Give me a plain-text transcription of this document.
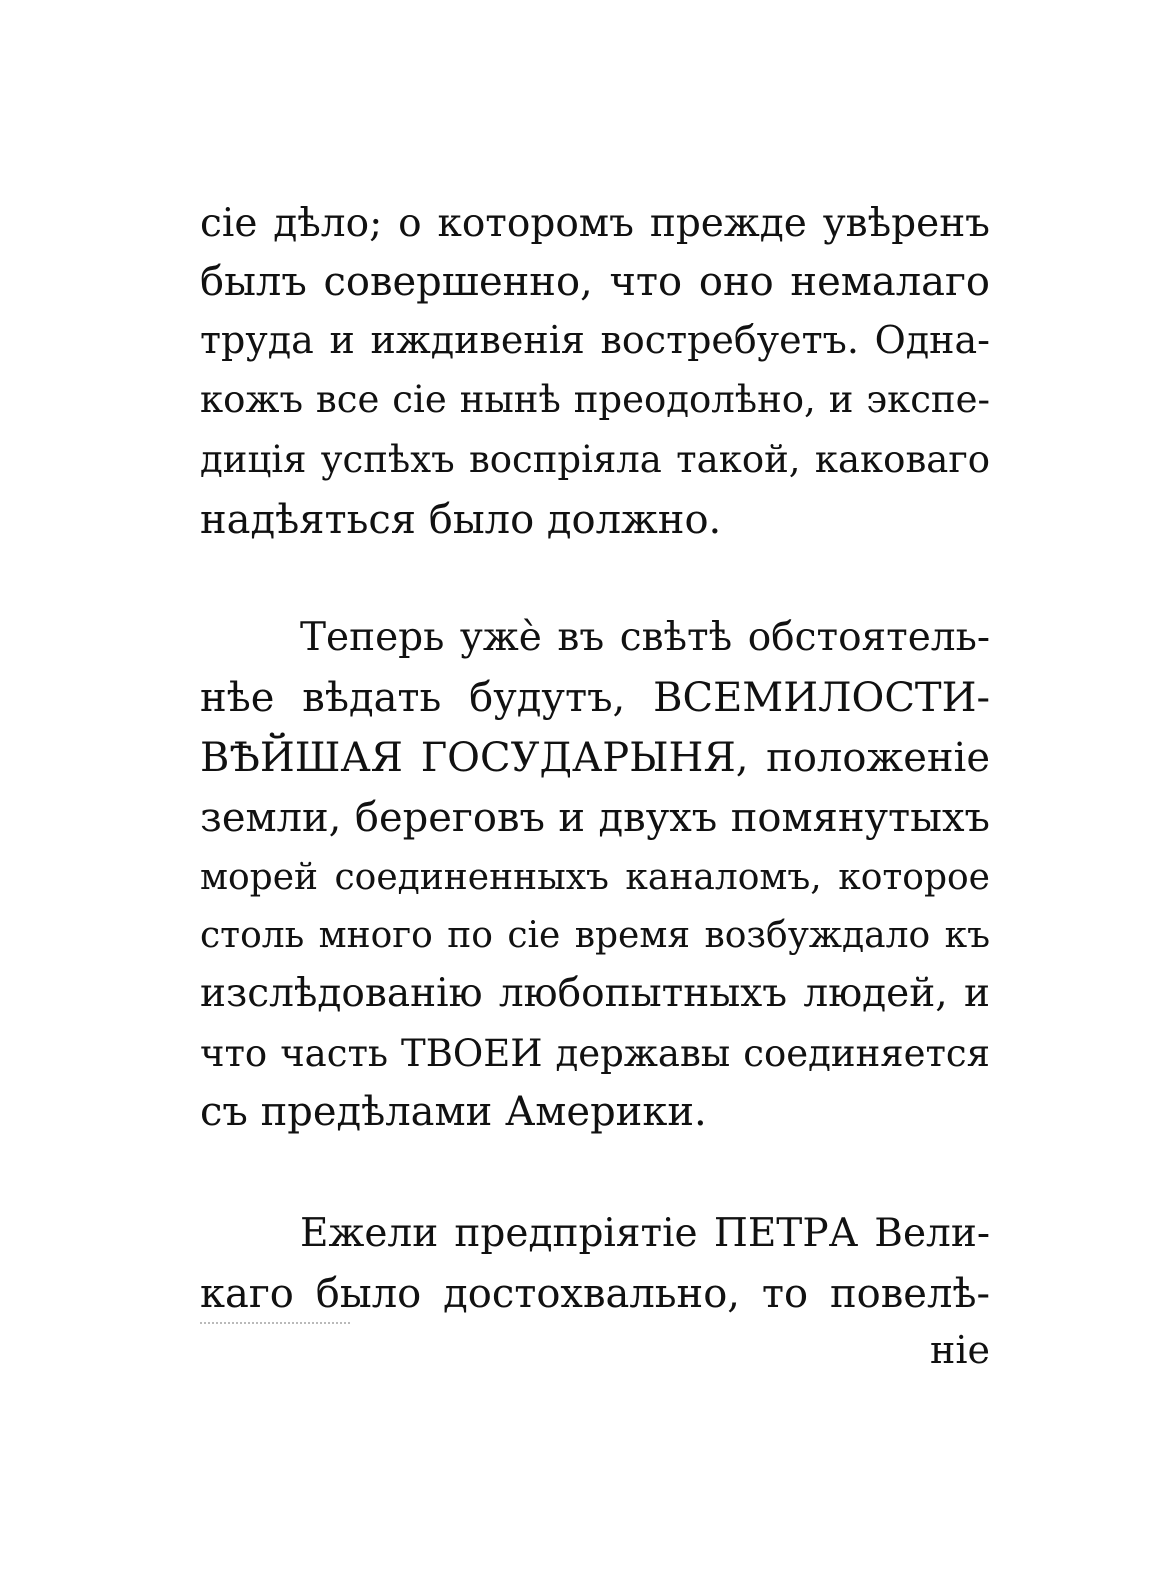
сіе дѣло; о которомъ прежде увѣренъ
былъ совершенно, что оно немалаго
труда и иждивенія востребуетъ. Одна-
кожъ все сіе нынѣ преодолѣно, и экспе-
диція успѣхъ воспріяла такой, каковаго
надѣяться было должно.
Теперь ужè въ свѣтѣ обстоятель-
нѣе вѣдать будутъ, ВСЕМИЛОСТИ-
ВѢЙШАЯ ГОСУДАРЫНЯ, положеніе
земли, береговъ и двухъ помянутыхъ
морей соединенныхъ каналомъ, которое
столь много по сіе время возбуждало къ
изслѣдованію любопытныхъ людей, и
что часть ТВОЕИ державы соединяется
съ предѣлами Америки.
Ежели предпріятіе ПЕТРА Вели-
каго было достохвально, то повелѣ-
ніе
